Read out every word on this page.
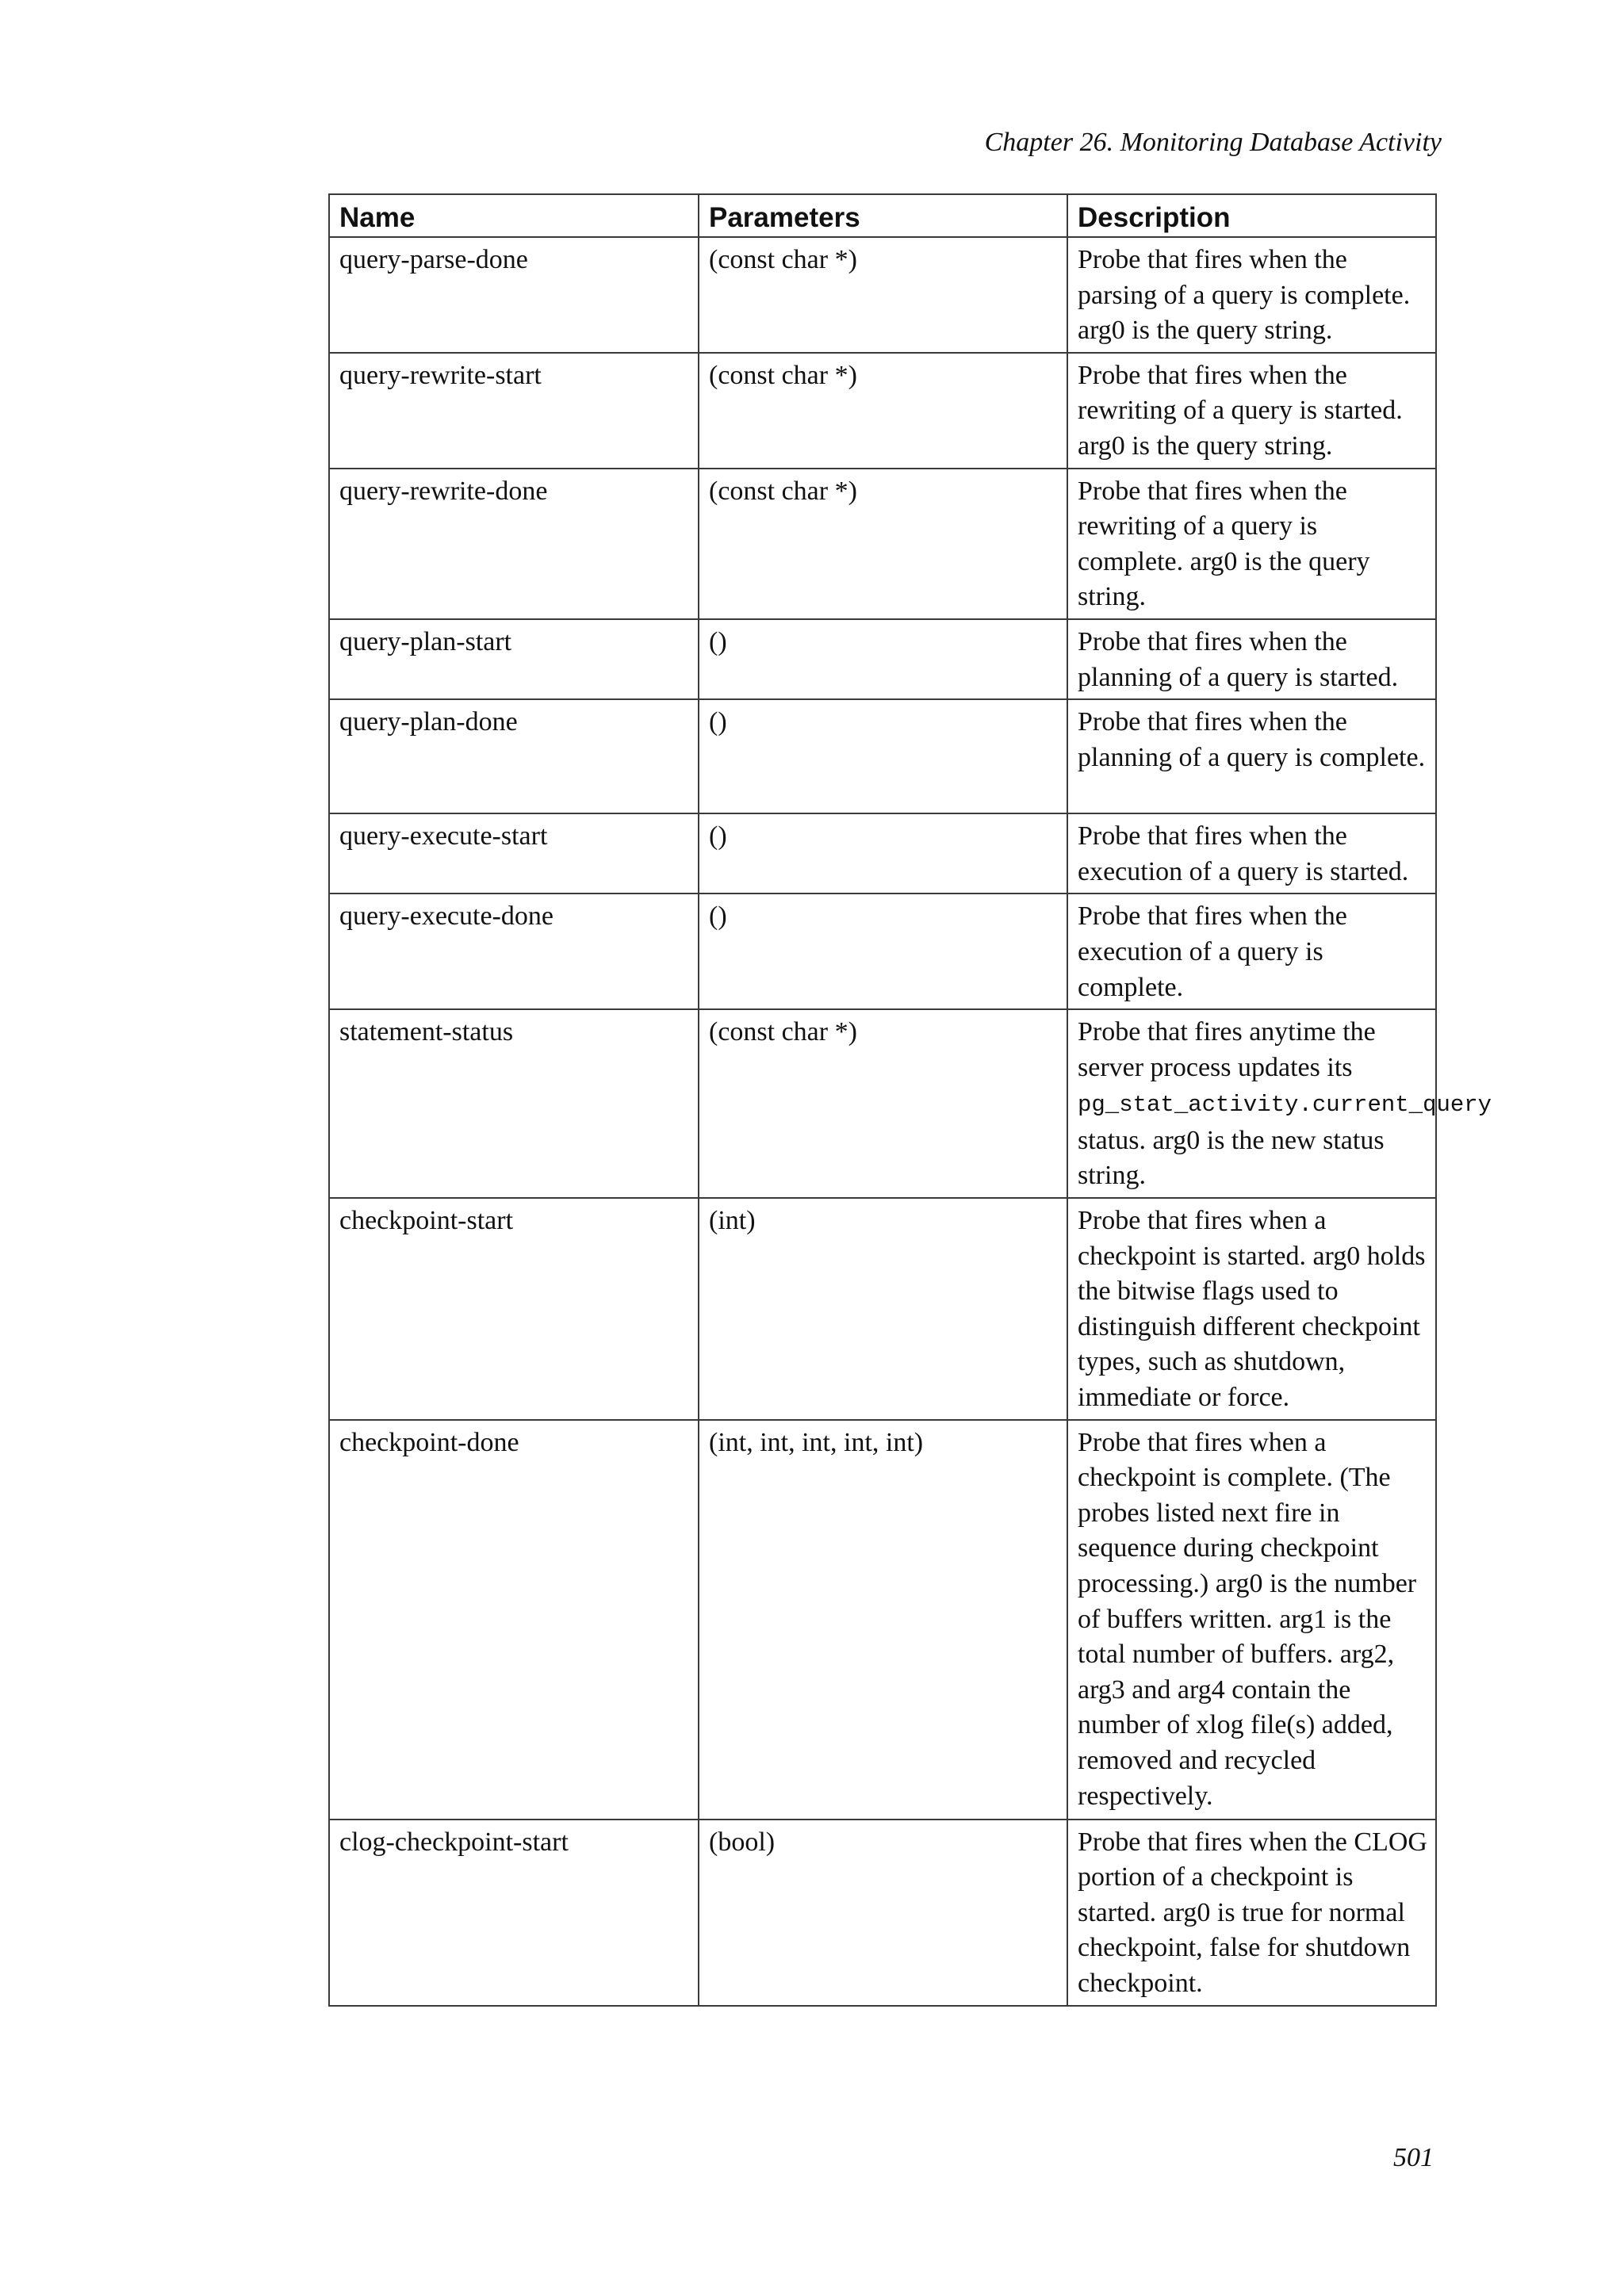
Chapter 26. Monitoring Database Activity
Name	Parameters	Description
query-parse-done	(const char *)	Probe that fires when the parsing of a query is complete. arg0 is the query string.
query-rewrite-start	(const char *)	Probe that fires when the rewriting of a query is started. arg0 is the query string.
query-rewrite-done	(const char *)	Probe that fires when the rewriting of a query is complete. arg0 is the query string.
query-plan-start	()	Probe that fires when the planning of a query is started.
query-plan-done	()	Probe that fires when the planning of a query is complete.
query-execute-start	()	Probe that fires when the execution of a query is started.
query-execute-done	()	Probe that fires when the execution of a query is complete.
statement-status	(const char *)	Probe that fires anytime the server process updates its
pg_stat_activity.current_query
status. arg0 is the new status string.
checkpoint-start	(int)	Probe that fires when a checkpoint is started. arg0 holds the bitwise flags used to distinguish different checkpoint types, such as shutdown, immediate or force.
checkpoint-done	(int, int, int, int, int)	Probe that fires when a checkpoint is complete. (The probes listed next fire in sequence during checkpoint processing.) arg0 is the number of buffers written. arg1 is the total number of buffers. arg2, arg3 and arg4 contain the number of xlog file(s) added, removed and recycled respectively.
clog-checkpoint-start	(bool)	Probe that fires when the CLOG portion of a checkpoint is started. arg0 is true for normal checkpoint, false for shutdown checkpoint.
501
